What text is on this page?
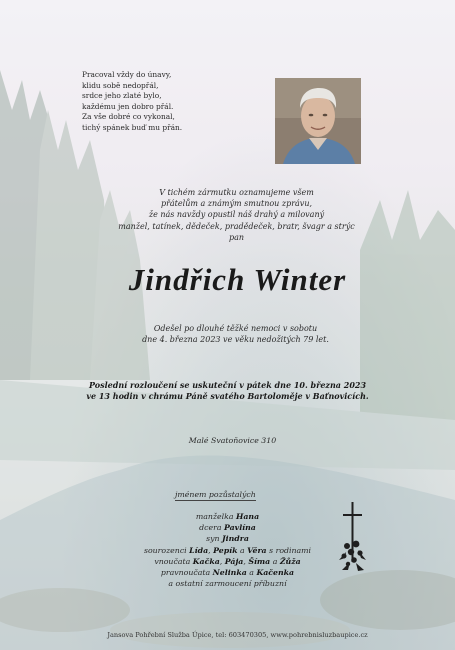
Pracoval vždy do únavy,
klidu sobě nedopřál,
srdce jeho zlaté bylo,
každému jen dobro přál.
Za vše dobré co vykonal,
tichý spánek buď mu přán.
V tichém zármutku oznamujeme všem
přátelům a známým smutnou zprávu,
že nás navždy opustil náš drahý a milovaný
manžel, tatínek, dědeček, pradědeček, bratr, švagr a strýc
pan
Jindřich Winter
Odešel po dlouhé těžké nemoci v sobotu
dne 4. března 2023 ve věku nedožitých 79 let.
Poslední rozloučení se uskuteční v pátek dne 10. března 2023
ve 13 hodin v chrámu Páně svatého Bartoloměje v Baťnovicích.
Malé Svatoňovice 310
jménem pozůstalých
manželka Hana
dcera Pavlína
syn Jindra
sourozenci Lída, Pepík a Věra s rodinami
vnoučata Kačka, Pája, Šíma a Žůža
pravnoučata Nelinka a Kačenka
a ostatní zarmoucení příbuzní
Jansova Pohřební Služba Úpice, tel: 603470305, www.pohrebnisluzbaupice.cz
